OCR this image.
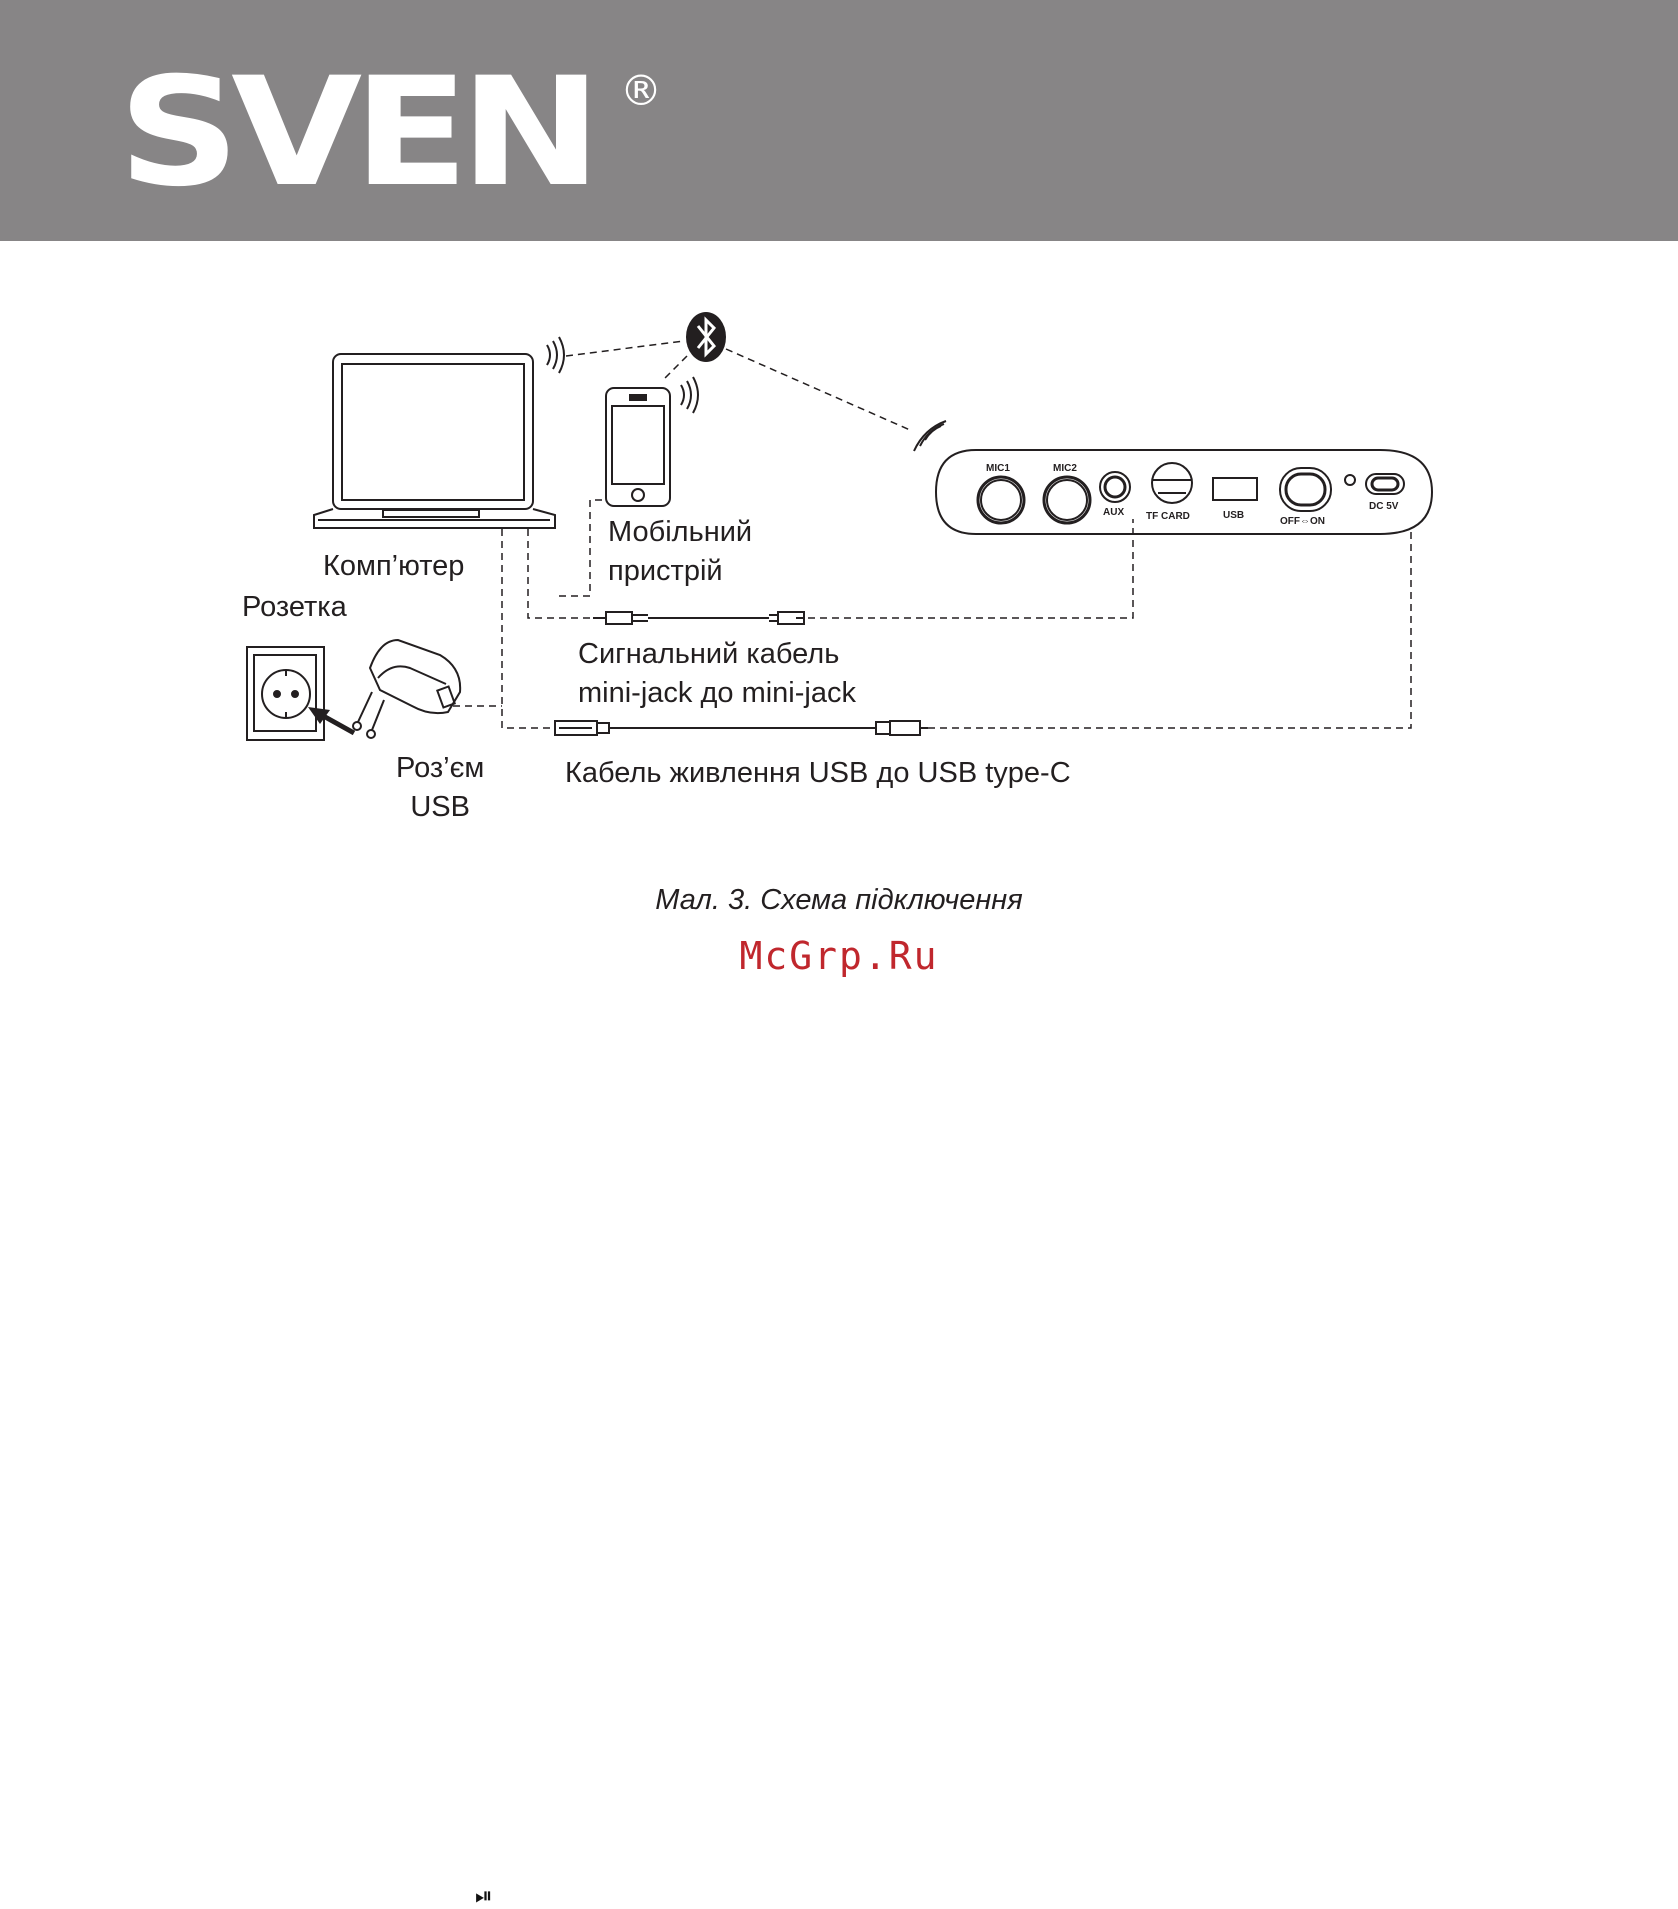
SVEN ®
MIC1	MIC2
AUX TF CARD	USB
OFF⇔ON
DC 5V
Комп’ютер
Мобільний
пристрій
Розетка
Роз’єм
USB
Сигнальний кабель
mini-jack до mini-jack
Кабель живлення USB до USB type-C
Мал. 3. Схема підключення
McGrp.Ru
⏯
